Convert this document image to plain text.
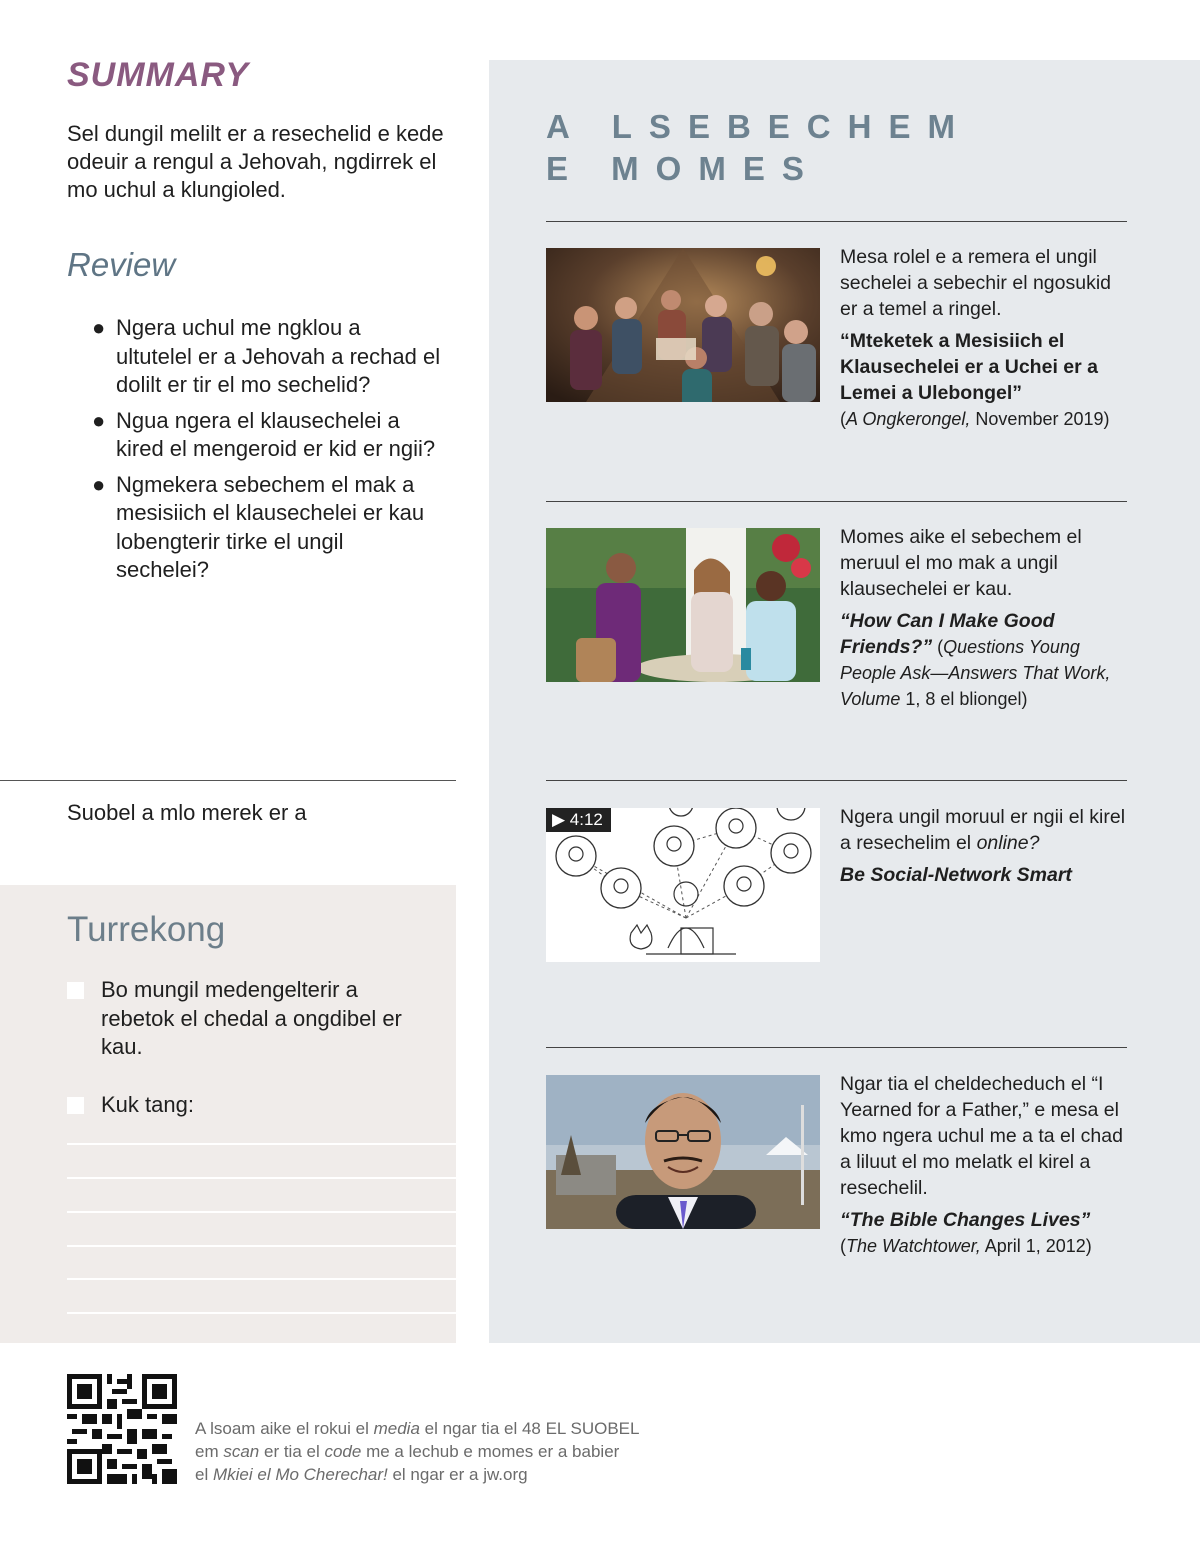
SUMMARY

Sel dungil melilt er a resechelid e kede odeuir a rengul a Jehovah, ngdirrek el mo uchul a klungioled.

Review
● Ngera uchul me ngklou a ultutelel er a Jehovah a rechad el dolilt er tir el mo sechelid?
● Ngua ngera el klausechelei a kired el mengeroid er kid er ngii?
● Ngmekera sebechem el mak a mesisiich el klausechelei er kau lobengterir tirke el ungil sechelei?
Suobel a mlo merek er a
Turrekong
Bo mungil medengelterir a rebetok el chedal a ongdibel er kau.
Kuk tang:
A LSEBECHEM
E MOMES
Mesa rolel e a remera el ungil sechelei a sebechir el ngosukid er a temel a ringel.
“Mteketek a Mesisiich el Klausechelei er a Uchei er a Lemei a Ulebongel”
(A Ongkerongel, November 2019)
Momes aike el sebechem el meruul el mo mak a ungil klausechelei er kau.
“How Can I Make Good Friends?” (Questions Young People Ask—Answers That Work, Volume 1, 8 el bliongel)
▶ 4:12	Ngera ungil moruul er ngii el kirel a resechelim el online?
Be Social-Network Smart
Ngar tia el cheldecheduch el “I Yearned for a Father,” e mesa el kmo ngera uchul me a ta el chad a liluut el mo melatk el kirel a resechelil.
“The Bible Changes Lives”
(The Watchtower, April 1, 2012)
A lsoam aike el rokui el media el ngar tia el 48 EL SUOBEL
em scan er tia el code me a lechub e momes er a babier
el Mkiei el Mo Cherechar! el ngar er a jw.org
